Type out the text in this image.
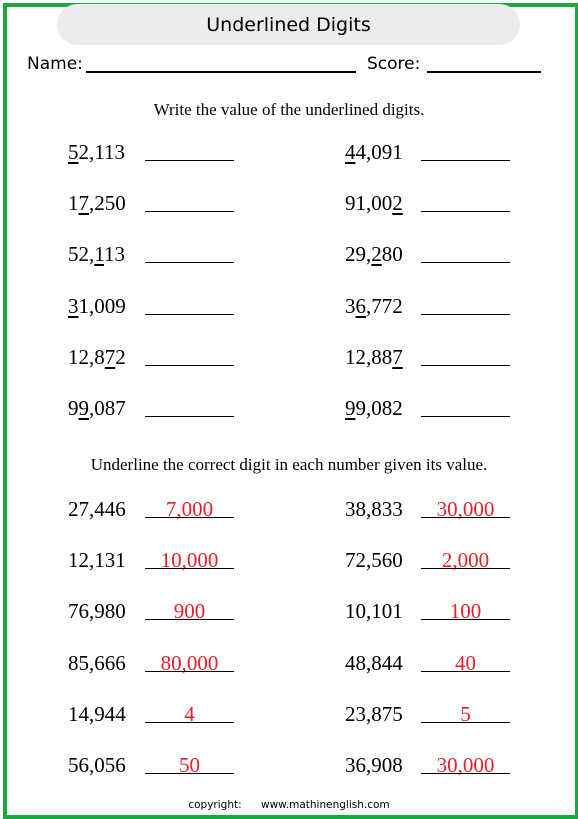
Underlined Digits
Name:	Score:
Write the value of the underlined digits.
Underline the correct digit in each number given its value.
52,113
17,250
52,113
31,009
12,872
99,087
44,091
91,002
29,280
36,772
12,887
99,082
27,446	7,000
12,131	10,000
76,980	900
85,666	80,000
14,944	4
56,056	50
38,833	30,000
72,560	2,000
10,101	100
48,844	40
23,875	5
36,908	30,000
copyright: www.mathinenglish.com
